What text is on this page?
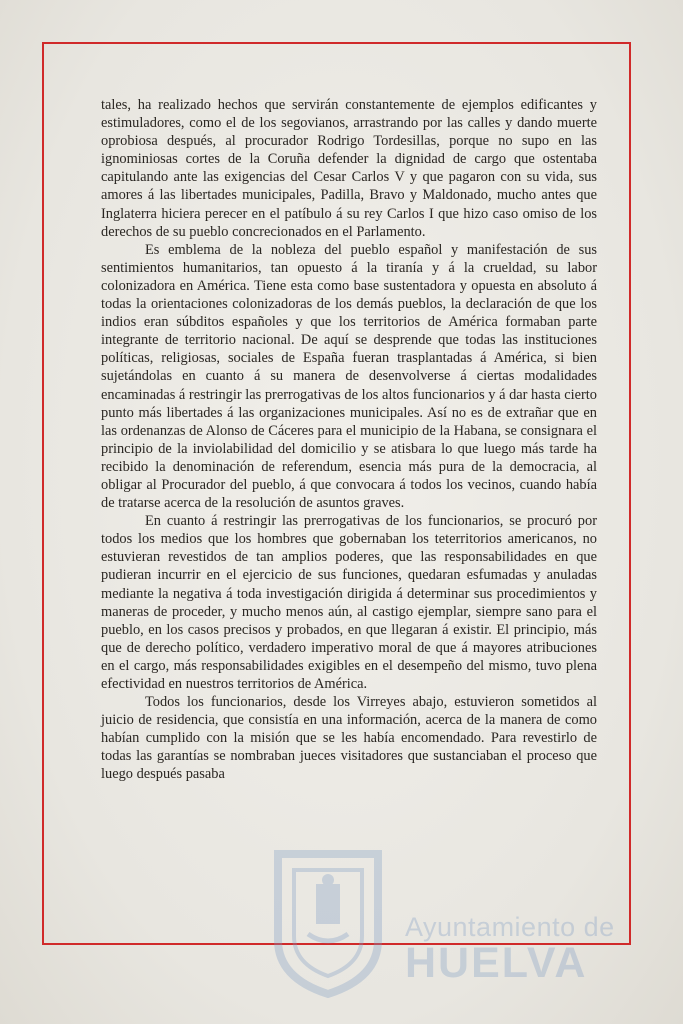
tales, ha realizado hechos que servirán constantemente de ejemplos edificantes y estimuladores, como el de los segovianos, arrastrando por las calles y dando muerte oprobiosa después, al procurador Rodrigo Tordesillas, porque no supo en las ignominiosas cortes de la Coruña defender la dignidad de cargo que ostentaba capitulando ante las exigencias del Cesar Carlos V y que pagaron con su vida, sus amores á las libertades municipales, Padilla, Bravo y Maldonado, mucho antes que Inglaterra hiciera perecer en el patíbulo á su rey Carlos I que hizo caso omiso de los derechos de su pueblo concrecionados en el Parlamento.

Es emblema de la nobleza del pueblo español y manifestación de sus sentimientos humanitarios, tan opuesto á la tiranía y á la crueldad, su labor colonizadora en América. Tiene esta como base sustentadora y opuesta en absoluto á todas la orientaciones colonizadoras de los demás pueblos, la declaración de que los indios eran súbditos españoles y que los territorios de América formaban parte integrante de territorio nacional. De aquí se desprende que todas las instituciones políticas, religiosas, sociales de España fueran trasplantadas á América, si bien sujetándolas en cuanto á su manera de desenvolverse á ciertas modalidades encaminadas á restringir las prerrogativas de los altos funcionarios y á dar hasta cierto punto más libertades á las organizaciones municipales. Así no es de extrañar que en las ordenanzas de Alonso de Cáceres para el municipio de la Habana, se consignara el principio de la inviolabilidad del domicilio y se atisbara lo que luego más tarde ha recibido la denominación de referendum, esencia más pura de la democracia, al obligar al Procurador del pueblo, á que convocara á todos los vecinos, cuando había de tratarse acerca de la resolución de asuntos graves.

En cuanto á restringir las prerrogativas de los funcionarios, se procuró por todos los medios que los hombres que gobernaban los teterritorios americanos, no estuvieran revestidos de tan amplios poderes, que las responsabilidades en que pudieran incurrir en el ejercicio de sus funciones, quedaran esfumadas y anuladas mediante la negativa á toda investigación dirigida á determinar sus procedimientos y maneras de proceder, y mucho menos aún, al castigo ejemplar, siempre sano para el pueblo, en los casos precisos y probados, en que llegaran á existir. El principio, más que de derecho político, verdadero imperativo moral de que á mayores atribuciones en el cargo, más responsabilidades exigibles en el desempeño del mismo, tuvo plena efectividad en nuestros territorios de América.

Todos los funcionarios, desde los Virreyes abajo, estuvieron sometidos al juicio de residencia, que consistía en una información, acerca de la manera de como habían cumplido con la misión que se les había encomendado. Para revestirlo de todas las garantías se nombraban jueces visitadores que sustanciaban el proceso que luego después pasaba

Ayuntamiento de
HUELVA
